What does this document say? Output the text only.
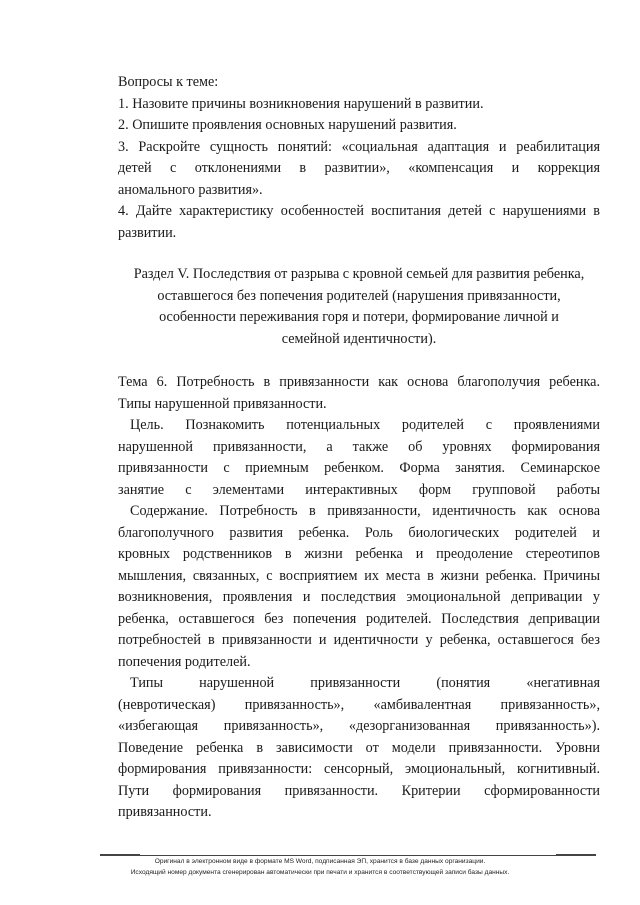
Вопросы к теме:

1. Назовите причины возникновения нарушений в развитии.

2. Опишите проявления основных нарушений развития.

3. Раскройте сущность понятий: «социальная адаптация и реабилитация

детей с отклонениями в развитии», «компенсация и коррекция

аномального развития».

4. Дайте характеристику особенностей воспитания детей с нарушениями в

развитии.

Раздел V. Последствия от разрыва с кровной семьей для развития ребенка,

оставшегося без попечения родителей (нарушения привязанности,

особенности переживания горя и потери, формирование личной и

семейной идентичности).

Тема 6. Потребность в привязанности как основа благополучия ребенка.

Типы нарушенной привязанности.

Цель. Познакомить потенциальных родителей с проявлениями

нарушенной привязанности, а также об уровнях формирования

привязанности с приемным ребенком. Форма занятия. Семинарское

занятие с элементами интерактивных форм групповой работы

Содержание. Потребность в привязанности, идентичность как основа

благополучного развития ребенка. Роль биологических родителей и

кровных родственников в жизни ребенка и преодоление стереотипов

мышления, связанных, с восприятием их места в жизни ребенка. Причины

возникновения, проявления и последствия эмоциональной депривации у

ребенка, оставшегося без попечения родителей. Последствия депривации

потребностей в привязанности и идентичности у ребенка, оставшегося без

попечения родителей.

Типы нарушенной привязанности (понятия «негативная

(невротическая) привязанность», «амбивалентная привязанность»,

«избегающая привязанность», «дезорганизованная привязанность»).

Поведение ребенка в зависимости от модели привязанности. Уровни

формирования привязанности: сенсорный, эмоциональный, когнитивный.

Пути формирования привязанности. Критерии сформированности

привязанности.

Оригинал в электронном виде в формате MS Word, подписанная ЭП, хранится в базе данных организации.
Исходящий номер документа сгенерирован автоматически при печати и хранится в соответствующей записи базы данных.
